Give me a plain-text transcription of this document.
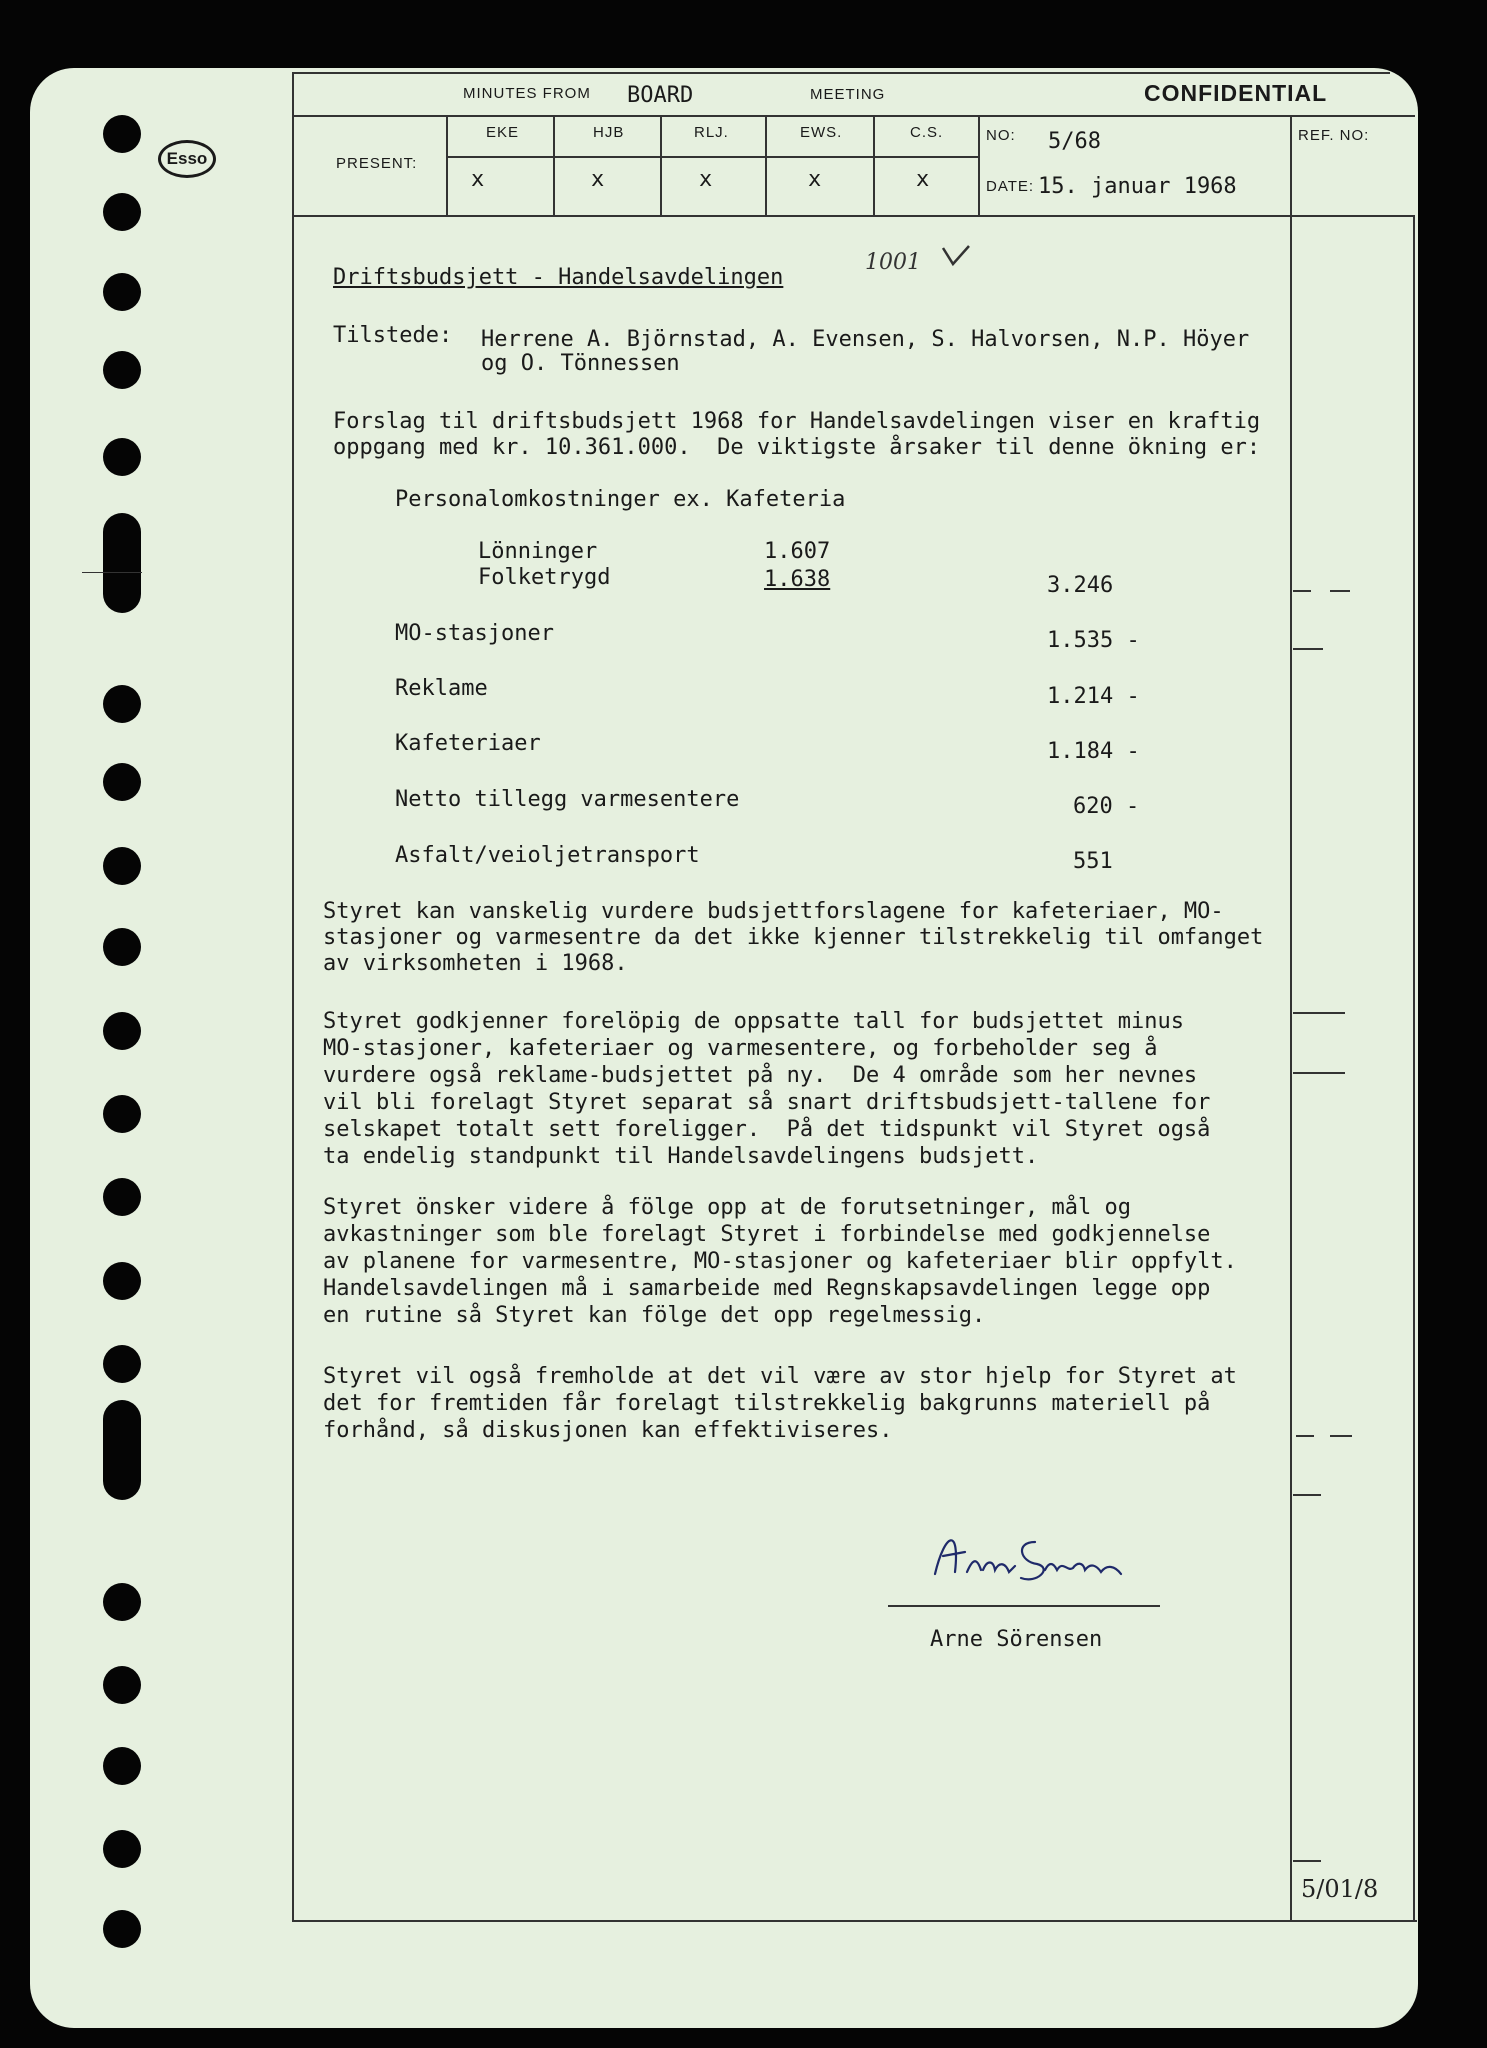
Esso
MINUTES FROM BOARD	MEETING	CONFIDENTIAL
PRESENT:
EKE	HJB	RLJ.	EWS.	C.S.
x	x	x	x	x
NO: 5/68
DATE: 15. januar 1968
REF. NO:
1001
Driftsbudsjett - Handelsavdelingen
Tilstede: Herrene A. Björnstad, A. Evensen, S. Halvorsen, N.P. Höyer
og O. Tönnessen
Forslag til driftsbudsjett 1968 for Handelsavdelingen viser en kraftig
oppgang med kr. 10.361.000.  De viktigste årsaker til denne ökning er:
Personalomkostninger ex. Kafeteria
Lönninger	1.607
Folketrygd	1.638	3.246
MO-stasjoner	1.535 -
Reklame	1.214 -
Kafeteriaer	1.184 -
Netto tillegg varmesentere	620 -
Asfalt/veioljetransport	551
Styret kan vanskelig vurdere budsjettforslagene for kafeteriaer, MO-
stasjoner og varmesentre da det ikke kjenner tilstrekkelig til omfanget
av virksomheten i 1968.
Styret godkjenner forelöpig de oppsatte tall for budsjettet minus
MO-stasjoner, kafeteriaer og varmesentere, og forbeholder seg å
vurdere også reklame-budsjettet på ny.  De 4 område som her nevnes
vil bli forelagt Styret separat så snart driftsbudsjett-tallene for
selskapet totalt sett foreligger.  På det tidspunkt vil Styret også
ta endelig standpunkt til Handelsavdelingens budsjett.
Styret önsker videre å fölge opp at de forutsetninger, mål og
avkastninger som ble forelagt Styret i forbindelse med godkjennelse
av planene for varmesentre, MO-stasjoner og kafeteriaer blir oppfylt.
Handelsavdelingen må i samarbeide med Regnskapsavdelingen legge opp
en rutine så Styret kan fölge det opp regelmessig.
Styret vil også fremholde at det vil være av stor hjelp for Styret at
det for fremtiden får forelagt tilstrekkelig bakgrunns materiell på
forhånd, så diskusjonen kan effektiviseres.
Arne Sörensen
5/01/8
